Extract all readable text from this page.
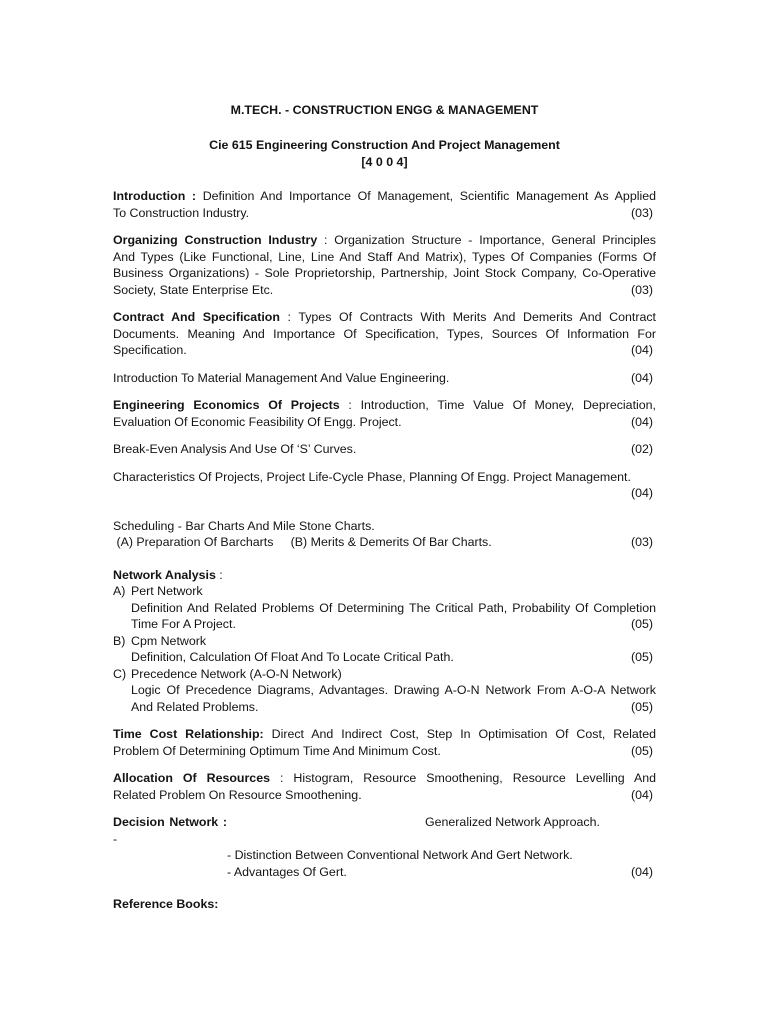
M.TECH. - CONSTRUCTION ENGG & MANAGEMENT

Cie 615 Engineering Construction And Project Management

[4 0 0 4]

Introduction : Definition And Importance Of Management, Scientific Management As Applied
To Construction Industry.	(03)
Organizing Construction Industry : Organization Structure - Importance, General Principles
And Types (Like Functional, Line, Line And Staff And Matrix), Types Of Companies (Forms Of
Business Organizations) - Sole Proprietorship, Partnership, Joint Stock Company, Co-Operative
Society, State Enterprise Etc.	(03)
Contract And Specification : Types Of Contracts With Merits And Demerits And Contract
Documents. Meaning And Importance Of Specification, Types, Sources Of Information For
Specification.	(04)
Introduction To Material Management And Value Engineering.	(04)
Engineering Economics Of Projects : Introduction, Time Value Of Money, Depreciation,
Evaluation Of Economic Feasibility Of Engg. Project.	(04)
Break-Even Analysis And Use Of ‘S’ Curves.	(02)
Characteristics Of Projects, Project Life-Cycle Phase, Planning Of Engg. Project Management.
(04)
Scheduling - Bar Charts And Mile Stone Charts.
(A) Preparation Of Barcharts     (B) Merits & Demerits Of Bar Charts.	(03)
Network Analysis :
A) Pert Network
Definition And Related Problems Of Determining The Critical Path, Probability Of Completion
Time For A Project.	(05)
B) Cpm Network
Definition, Calculation Of Float And To Locate Critical Path.	(05)
C) Precedence Network (A-O-N Network)
Logic Of Precedence Diagrams, Advantages. Drawing A-O-N Network From A-O-A Network
And Related Problems.	(05)
Time Cost Relationship: Direct And Indirect Cost, Step In Optimisation Of Cost, Related
Problem Of Determining Optimum Time And Minimum Cost.	(05)
Allocation Of Resources : Histogram, Resource Smoothening, Resource Levelling And
Related Problem On Resource Smoothening.	(04)
Decision Network : -
Generalized Network Approach.
- Distinction Between Conventional Network And Gert Network.
- Advantages Of Gert.	(04)
Reference Books:
